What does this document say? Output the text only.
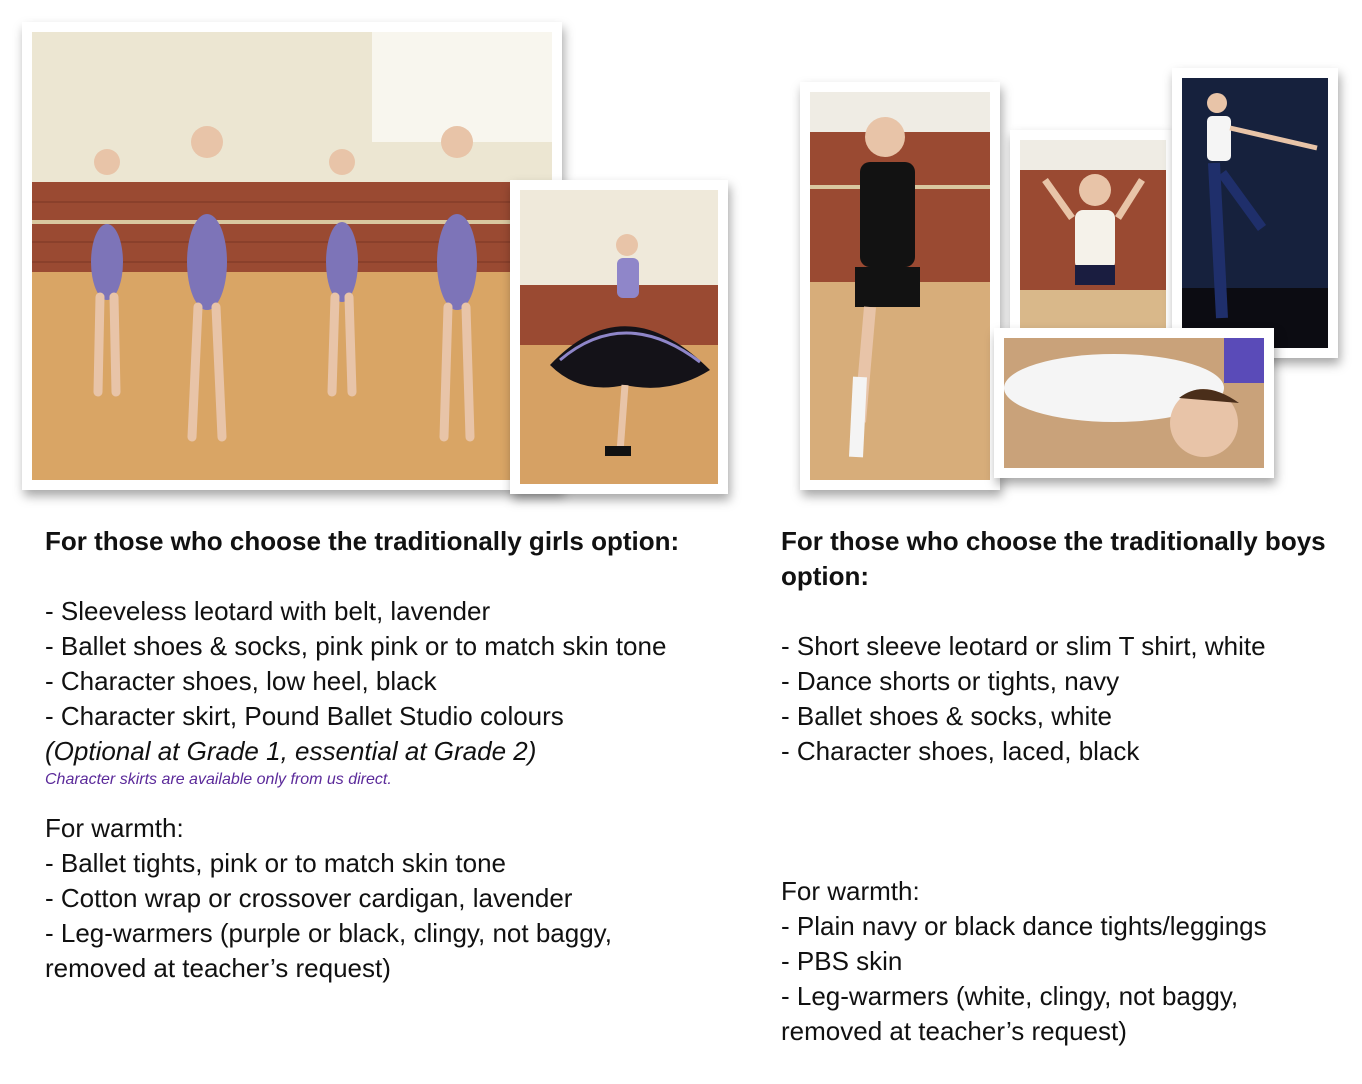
For those who choose the traditionally girls option:

- Sleeveless leotard with belt, lavender

- Ballet shoes & socks, pink pink or to match skin tone

- Character shoes, low heel, black

- Character skirt, Pound Ballet Studio colours

(Optional at Grade 1, essential at Grade 2)

Character skirts are available only from us direct.

For warmth:

- Ballet tights, pink or to match skin tone

- Cotton wrap or crossover cardigan, lavender

- Leg-warmers (purple or black, clingy, not baggy, removed at teacher’s request)

For those who choose the traditionally boys option:

- Short sleeve leotard or slim T shirt, white

- Dance shorts or tights, navy

- Ballet shoes & socks, white

- Character shoes, laced, black

For warmth:

- Plain navy or black dance tights/leggings

- PBS skin

- Leg-warmers (white, clingy, not baggy, removed at teacher’s request)
